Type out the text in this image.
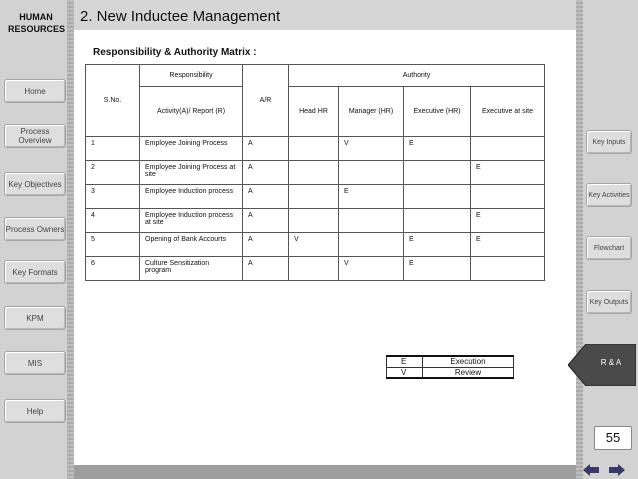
HUMAN
RESOURCES
2. New Inductee Management
Home
Process Overview
Key Objectives
Process Owners
Key Formats
KPM
MIS
Help
Key Inputs
Key Activities
Flowchart
Key Outputs
R & A
55
Responsibility & Authority Matrix :
S.No.	Responsibility	A/R	Authority			
	Activity(A)/ Report (R)		Head HR	Manager (HR)	Executive (HR)	Executive at site
1	Employee Joining Process	A		V	E	
2	Employee Joining Process at site	A				E
3	Employee Induction process	A		E		
4	Employee Induction process at site	A				E
5	Opening of Bank Accourts	A	V		E	E
6	Culture Sensitization program	A		V	E	
E	Execution
V	Review
